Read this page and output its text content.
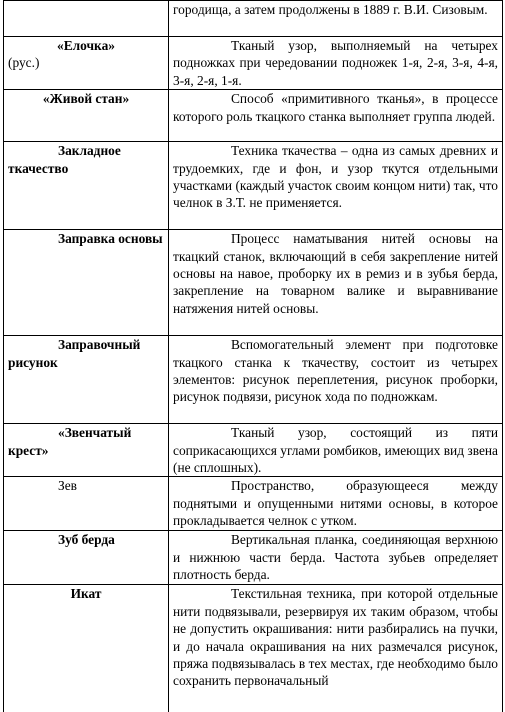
	городища, а затем продолжены в 1889 г. В.И. Сизовым.

«Елочка»
(рус.)	Тканый узор, выполняемый на четырех подножках при чередовании подножек 1-я, 2-я, 3-я, 4-я, 3-я, 2-я, 1-я.

«Живой стан»	Способ «примитивного тканья», в процессе которого роль ткацкого станка выполняет группа людей.
Закладное ткачество	Техника ткачества – одна из самых древних и трудоемких, где и фон, и узор ткутся отдельными участками (каждый участок своим концом нити) так, что челнок в З.Т. не применяется.
Заправка основы	Процесс наматывания нитей основы на ткацкий станок, включающий в себя закрепление нитей основы на навое, проборку их в ремиз и в зубья берда, закрепление на товарном валике и выравнивание натяжения нитей основы.
Заправочный рисунок	Вспомогательный элемент при подготовке ткацкого станка к ткачеству, состоит из четырех элементов: рисунок переплетения, рисунок проборки, рисунок подвязи, рисунок хода по подножкам.
«Звенчатый крест»	Тканый узор, состоящий из пяти соприкасающихся углами ромбиков, имеющих вид звена (не сплошных).
Зев	Пространство, образующееся между поднятыми и опущенными нитями основы, в которое прокладывается челнок с утком.
Зуб берда	Вертикальная планка, соединяющая верхнюю и нижнюю части берда. Частота зубьев определяет плотность берда.

Икат	Текстильная техника, при которой отдельные нити подвязывали, резервируя их таким образом, чтобы не допустить окрашивания: нити разбирались на пучки, и до начала окрашивания на них размечался рисунок, пряжа подвязывалась в тех местах, где необходимо было сохранить первоначальный
